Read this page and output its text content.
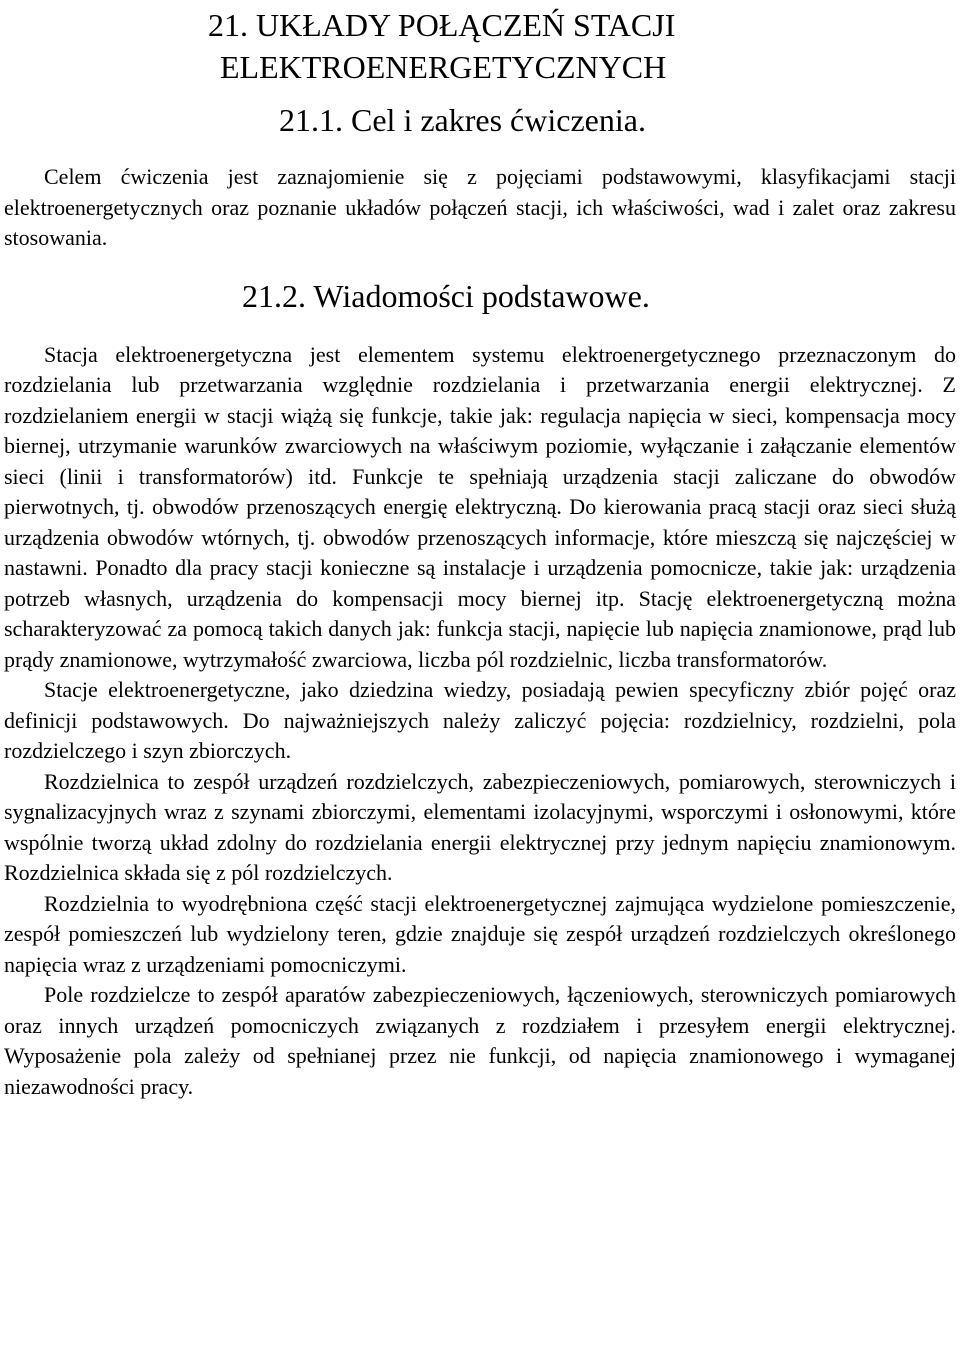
21. UKŁADY POŁĄCZEŃ STACJI
ELEKTROENERGETYCZNYCH
21.1. Cel i zakres ćwiczenia.

Celem ćwiczenia jest zaznajomienie się z pojęciami podstawowymi, klasyfikacjami stacji elektroenergetycznych oraz poznanie układów połączeń stacji, ich właściwości, wad i zalet oraz zakresu stosowania.

21.2. Wiadomości podstawowe.

Stacja elektroenergetyczna jest elementem systemu elektroenergetycznego przeznaczonym do rozdzielania lub przetwarzania względnie rozdzielania i przetwarzania energii elektrycznej. Z rozdzielaniem energii w stacji wiążą się funkcje, takie jak: regulacja napięcia w sieci, kompensacja mocy biernej, utrzymanie warunków zwarciowych na właściwym poziomie, wyłączanie i załączanie elementów sieci (linii i transformatorów) itd. Funkcje te spełniają urządzenia stacji zaliczane do obwodów pierwotnych, tj. obwodów przenoszących energię elektryczną. Do kierowania pracą stacji oraz sieci służą urządzenia obwodów wtórnych, tj. obwodów przenoszących informacje, które mieszczą się najczęściej w nastawni. Ponadto dla pracy stacji konieczne są instalacje i urządzenia pomocnicze, takie jak: urządzenia potrzeb własnych, urządzenia do kompensacji mocy biernej itp. Stację elektroenergetyczną można scharakteryzować za pomocą takich danych jak: funkcja stacji, napięcie lub napięcia znamionowe, prąd lub prądy znamionowe, wytrzymałość zwarciowa, liczba pól rozdzielnic, liczba transformatorów.

Stacje elektroenergetyczne, jako dziedzina wiedzy, posiadają pewien specyficzny zbiór pojęć oraz definicji podstawowych. Do najważniejszych należy zaliczyć pojęcia: rozdzielnicy, rozdzielni, pola rozdzielczego i szyn zbiorczych.

Rozdzielnica to zespół urządzeń rozdzielczych, zabezpieczeniowych, pomiarowych, sterowniczych i sygnalizacyjnych wraz z szynami zbiorczymi, elementami izolacyjnymi, wsporczymi i osłonowymi, które wspólnie tworzą układ zdolny do rozdzielania energii elektrycznej przy jednym napięciu znamionowym. Rozdzielnica składa się z pól rozdzielczych.

Rozdzielnia to wyodrębniona część stacji elektroenergetycznej zajmująca wydzielone pomieszczenie, zespół pomieszczeń lub wydzielony teren, gdzie znajduje się zespół urządzeń rozdzielczych określonego napięcia wraz z urządzeniami pomocniczymi.

Pole rozdzielcze to zespół aparatów zabezpieczeniowych, łączeniowych, sterowniczych pomiarowych oraz innych urządzeń pomocniczych związanych z rozdziałem i przesyłem energii elektrycznej. Wyposażenie pola zależy od spełnianej przez nie funkcji, od napięcia znamionowego i wymaganej niezawodności pracy.
